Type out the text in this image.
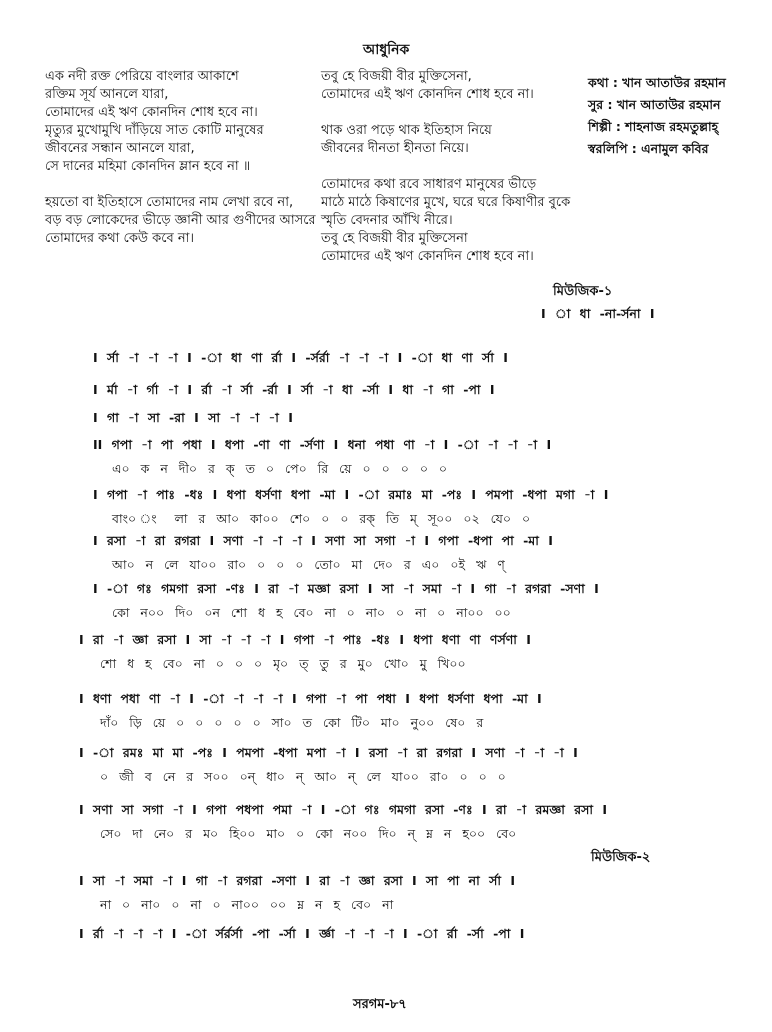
আধুনিক
এক নদী রক্ত পেরিয়ে বাংলার আকাশে
রক্তিম সূর্য আনলে যারা,
তোমাদের এই ঋণ কোনদিন শোধ হবে না।
মৃত্যুর মুখোমুখি দাঁড়িয়ে সাত কোটি মানুষের
জীবনের সন্ধান আনলে যারা,
সে দানের মহিমা কোনদিন ম্লান হবে না ॥
হয়তো বা ইতিহাসে তোমাদের নাম লেখা রবে না,
বড় বড় লোকেদের ভীড়ে জ্ঞানী আর গুণীদের আসরে
তোমাদের কথা কেউ কবে না।
তবু হে বিজয়ী বীর মুক্তিসেনা,
তোমাদের এই ঋণ কোনদিন শোধ হবে না।
থাক ওরা পড়ে থাক ইতিহাস নিয়ে
জীবনের দীনতা হীনতা নিয়ে।
তোমাদের কথা রবে সাধারণ মানুষের ভীড়ে
মাঠে মাঠে কিষাণের মুখে, ঘরে ঘরে কিষাণীর বুকে
স্মৃতি বেদনার আঁখি নীরে।
তবু হে বিজয়ী বীর মুক্তিসেনা
তোমাদের এই ঋণ কোনদিন শোধ হবে না।
কথা : খান আতাউর রহমান
সুর : খান আতাউর রহমান
শিল্পী : শাহনাজ রহমতুল্লাহ্
স্বরলিপি : এনামুল কবির
মিউজিক-১
I া ধা -না-র্সনা I
I র্সা -া -া -া I -া ধা ণা র্রা I -র্সর্রা -া -া -া I -া ধা ণা র্সা I
I র্মা -া র্গা -া I র্রা -া র্সা -র্রা I র্সা -া ধা -র্সা I ধা -া গা -পা I
I গা -া সা -রা I সা -া -া -া I
II গপা -া পা পধা I ধপা -ণা ণা -র্সণা I ধনা পধা ণা -া I -া -া -া -া I
এ০ ক ন দী০ র ক্ ত ০ পে০ রি য়ে ০ ০ ০ ০ ০
I গপা -া পাঃ -ধঃ I ধপা ধর্সণা ধপা -মা I -া রমাঃ মা -পঃ I পমপা -ধপা মগা -া I
বাং০ ং লা র আ০ কা০০ শে০ ০ ০ রক্ তি ম্ সূ০০ ০২ যে০ ০
I রসা -া রা রগরা I সণা -া -া -া I সণা সা সগা -া I গপা -ধপা পা -মা I
আ০ ন লে যা০০ রা০ ০ ০ ০ তো০ মা দে০ র এ০ ০ই ঋ ণ্
I -া গঃ গমগা রসা -ণঃ I রা -া মজ্ঞা রসা I সা -া সমা -া I গা -া রগরা -সণা I
কো ন০০ দি০ ০ন শো ধ হ বে০ না ০ না০ ০ না ০ না০০ ০০
I রা -া জ্ঞা রসা I সা -া -া -া I গপা -া পাঃ -ধঃ I ধপা ধণা ণা ণর্সণা I
শো ধ হ বে০ না ০ ০ ০ মৃ০ ত্ তু র মু০ খো০ মু খি০০
I ধণা পধা ণা -া I -া -া -া -া I গপা -া পা পধা I ধপা ধর্সণা ধপা -মা I
দাঁ০ ড়ি য়ে ০ ০ ০ ০ ০ সা০ ত কো টি০ মা০ নু০০ ষে০ র
I -া রমঃ মা মা -পঃ I পমপা -ধপা মপা -া I রসা -া রা রগরা I সণা -া -া -া I
০ জী ব নে র স০০ ০ন্ ধা০ ন্ আ০ ন্ লে যা০০ রা০ ০ ০ ০
I সণা সা সগা -া I গপা পধপা পমা -া I -া গঃ গমগা রসা -ণঃ I রা -া রমজ্ঞা রসা I
সে০ দা নে০ র ম০ হি০০ মা০ ০ কো ন০০ দি০ ন্ ম্ন ন হ০০ বে০
মিউজিক-২
I সা -া সমা -া I গা -া রগরা -সণা I রা -া জ্ঞা রসা I সা পা না র্সা I
না ০ না০ ০ না ০ না০০ ০০ ম্ন ন হ বে০ না
I র্রা -া -া -া I -া র্সর্রর্সা -পা -র্সা I র্জ্ঞা -া -া -া I -া র্রা -র্সা -পা I
সরগম-৮৭
